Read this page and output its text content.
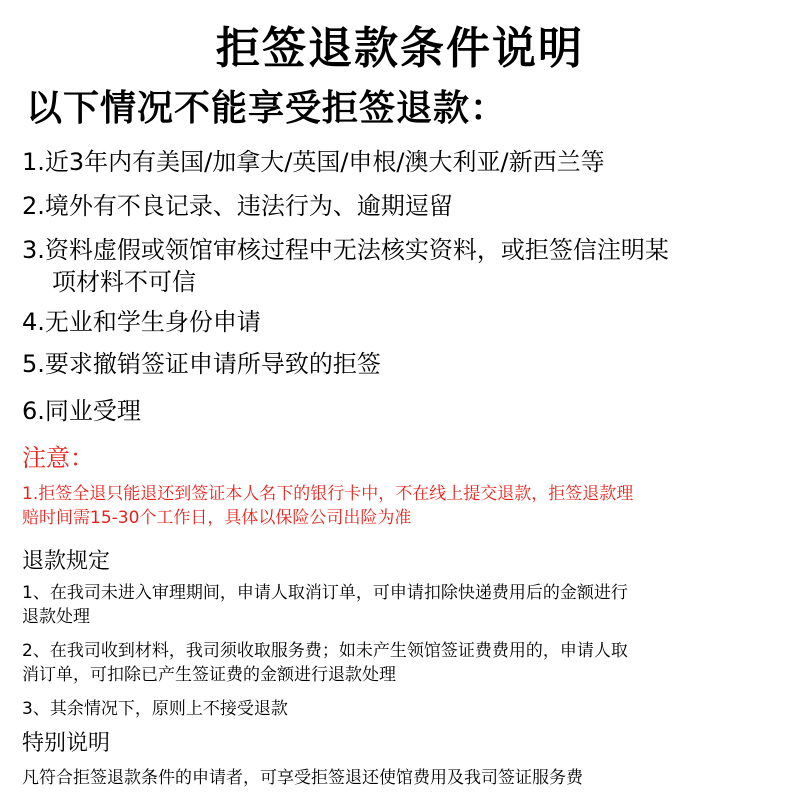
拒签退款条件说明
以下情况不能享受拒签退款：
1.近3年内有美国/加拿大/英国/申根/澳大利亚/新西兰等
2.境外有不良记录、违法行为、逾期逗留
3.资料虚假或领馆审核过程中无法核实资料，或拒签信注明某
项材料不可信
4.无业和学生身份申请
5.要求撤销签证申请所导致的拒签
6.同业受理
注意：
1.拒签全退只能退还到签证本人名下的银行卡中，不在线上提交退款，拒签退款理
赔时间需15-30个工作日，具体以保险公司出险为准
退款规定
1、在我司未进入审理期间，申请人取消订单，可申请扣除快递费用后的金额进行
退款处理
2、在我司收到材料，我司须收取服务费；如未产生领馆签证费费用的，申请人取
消订单，可扣除已产生签证费的金额进行退款处理
3、其余情况下，原则上不接受退款
特别说明
凡符合拒签退款条件的申请者，可享受拒签退还使馆费用及我司签证服务费
